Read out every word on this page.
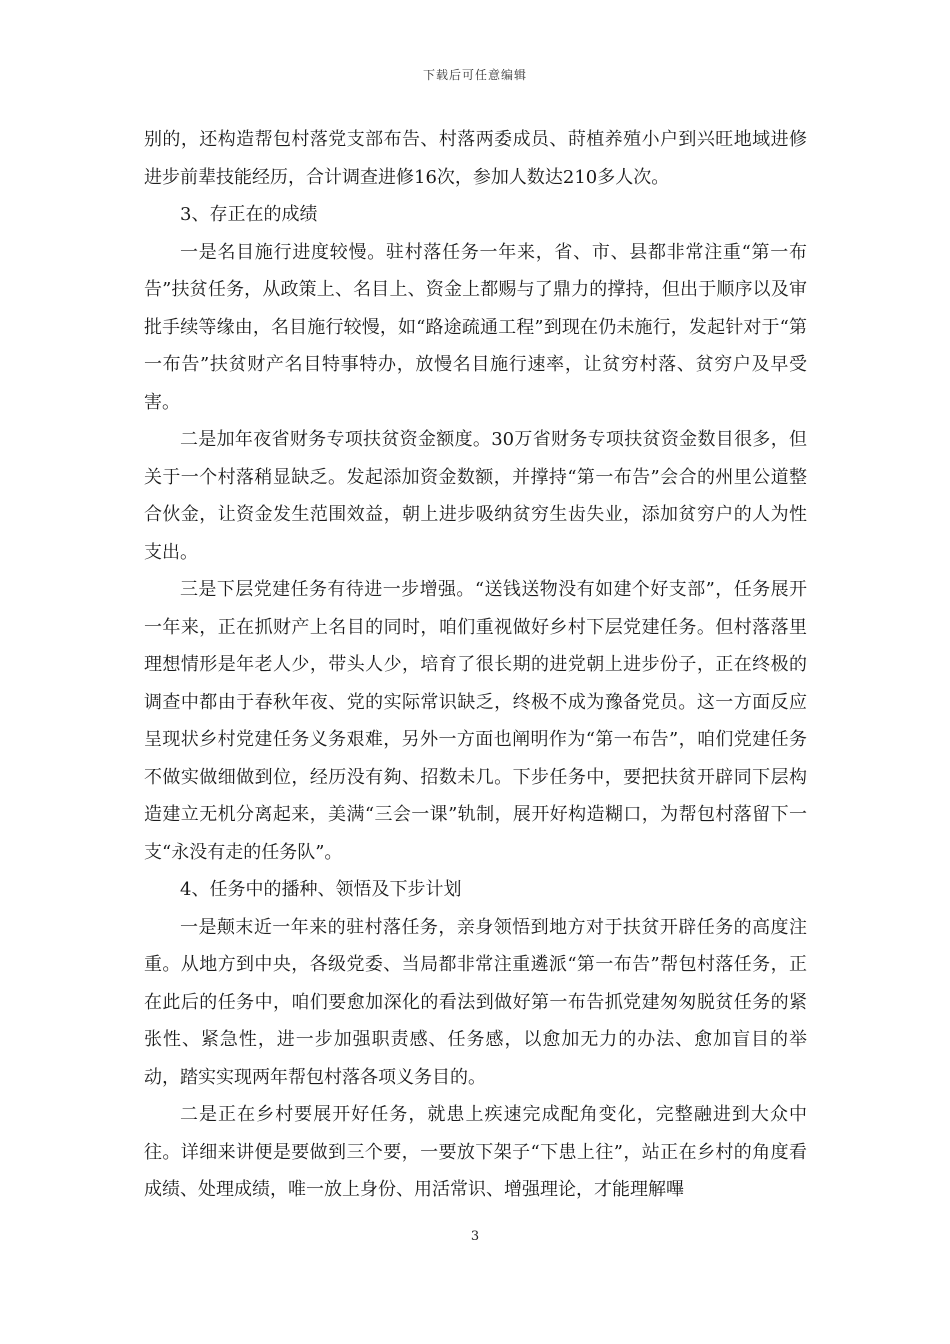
下载后可任意编辑

别的，还构造帮包村落党支部布告、村落两委成员、莳植养殖小户到兴旺地域进修进步前辈技能经历，合计调查进修16次，参加人数达210多人次。

3、存正在的成绩

一是名目施行进度较慢。驻村落任务一年来，省、市、县都非常注重“第一布告”扶贫任务，从政策上、名目上、资金上都赐与了鼎力的撑持，但出于顺序以及审批手续等缘由，名目施行较慢，如“路途疏通工程”到现在仍未施行，发起针对于“第一布告”扶贫财产名目特事特办，放慢名目施行速率，让贫穷村落、贫穷户及早受害。

二是加年夜省财务专项扶贫资金额度。30万省财务专项扶贫资金数目很多，但关于一个村落稍显缺乏。发起添加资金数额，并撑持“第一布告”会合的州里公道整合伙金，让资金发生范围效益，朝上进步吸纳贫穷生齿失业，添加贫穷户的人为性支出。

三是下层党建任务有待进一步增强。“送钱送物没有如建个好支部”，任务展开一年来，正在抓财产上名目的同时，咱们重视做好乡村下层党建任务。但村落落里理想情形是年老人少，带头人少，培育了很长期的进党朝上进步份子，正在终极的调查中都由于春秋年夜、党的实际常识缺乏，终极不成为豫备党员。这一方面反应呈现状乡村党建任务义务艰难，另外一方面也阐明作为“第一布告”，咱们党建任务不做实做细做到位，经历没有夠、招数未几。下步任务中，要把扶贫开辟同下层构造建立无机分离起来，美满“三会一课”轨制，展开好构造糊口，为帮包村落留下一支“永没有走的任务队”。

4、任务中的播种、领悟及下步计划

一是颠末近一年来的驻村落任务，亲身领悟到地方对于扶贫开辟任务的高度注重。从地方到中央，各级党委、当局都非常注重遴派“第一布告”帮包村落任务，正在此后的任务中，咱们要愈加深化的看法到做好第一布告抓党建匆匆脱贫任务的紧张性、紧急性，进一步加强职责感、任务感，以愈加无力的办法、愈加盲目的举动，踏实实现两年帮包村落各项义务目的。

二是正在乡村要展开好任务，就患上疾速完成配角变化，完整融进到大众中往。详细来讲便是要做到三个要，一要放下架子“下患上往”，站正在乡村的角度看成绩、处理成绩，唯一放上身份、用活常识、增强理论，才能理解嗶

3
